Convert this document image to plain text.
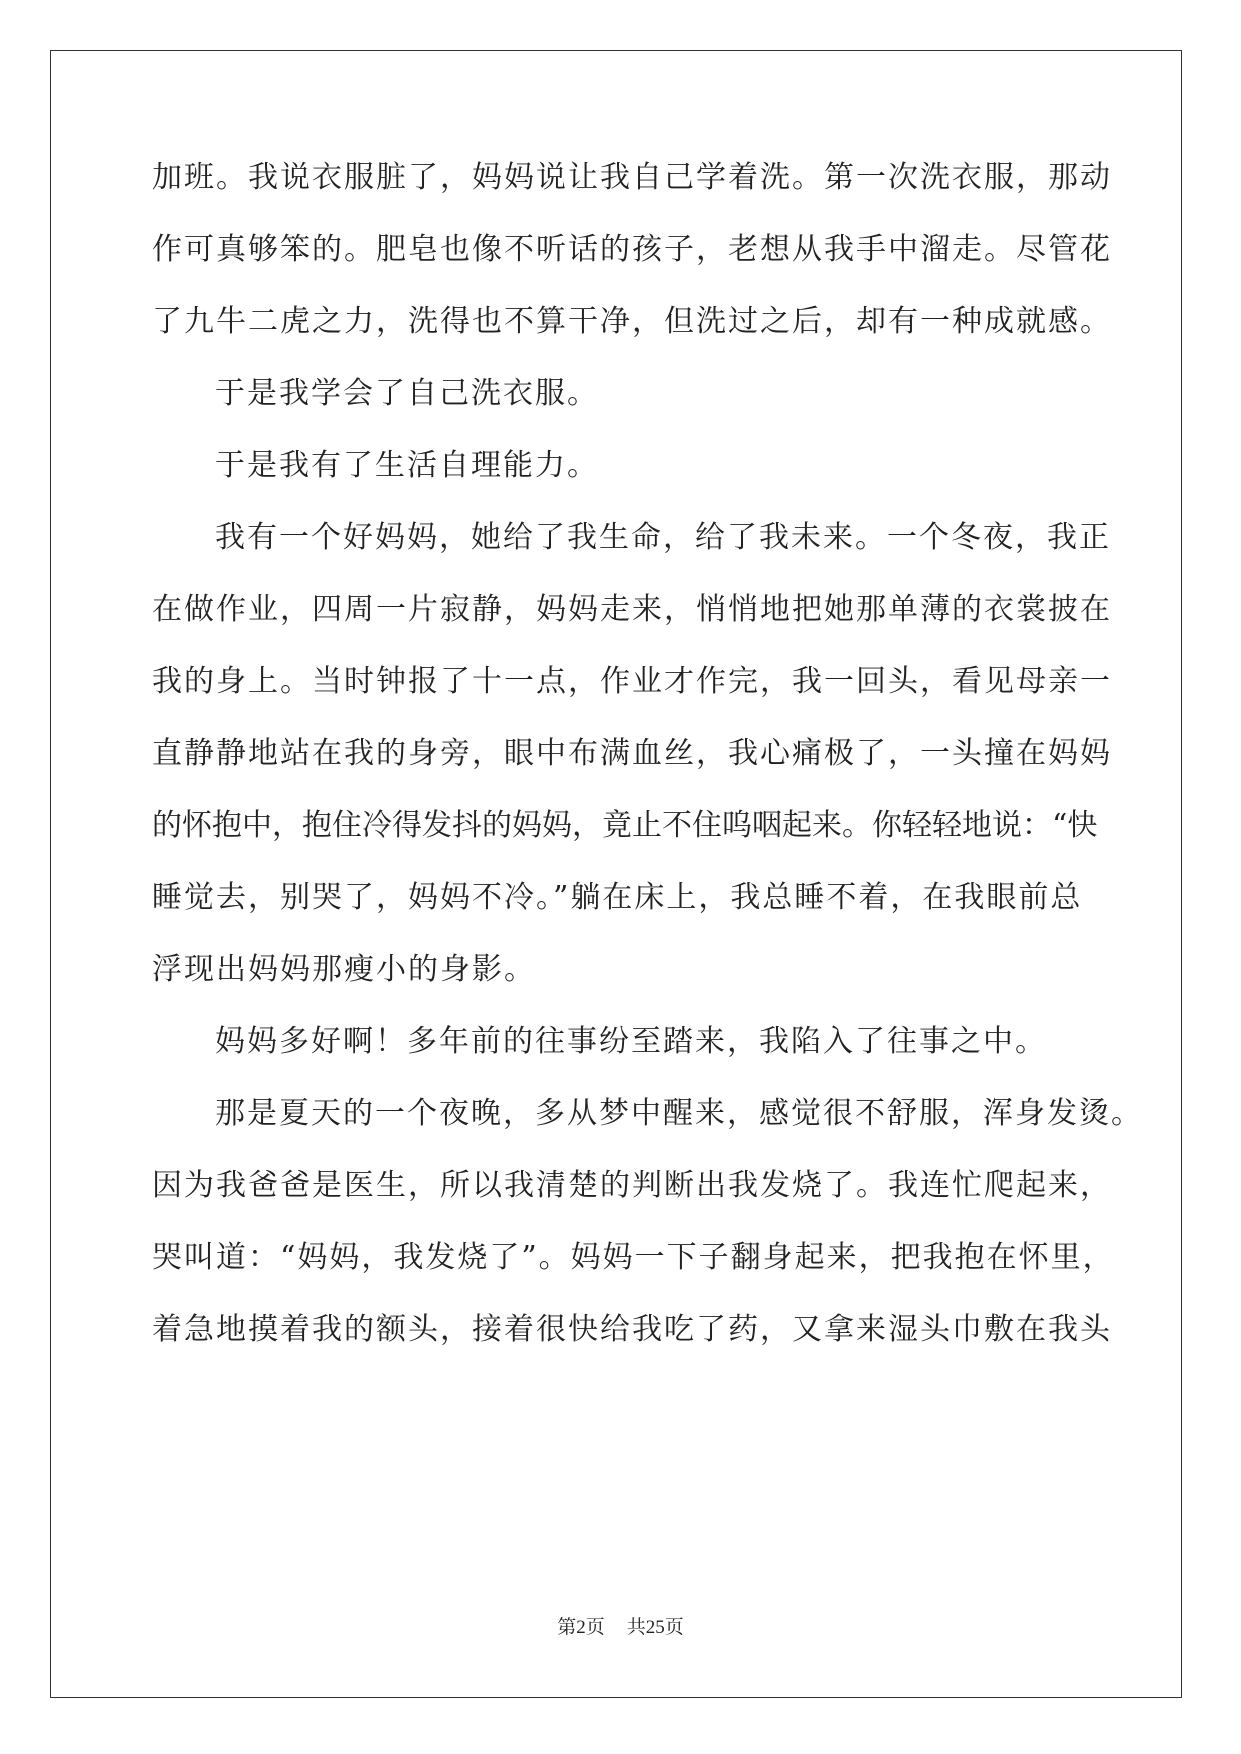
加班。我说衣服脏了，妈妈说让我自己学着洗。第一次洗衣服，那动
作可真够笨的。肥皂也像不听话的孩子，老想从我手中溜走。尽管花
了九牛二虎之力，洗得也不算干净，但洗过之后，却有一种成就感。
于是我学会了自己洗衣服。
于是我有了生活自理能力。
我有一个好妈妈，她给了我生命，给了我未来。一个冬夜，我正
在做作业，四周一片寂静，妈妈走来，悄悄地把她那单薄的衣裳披在
我的身上。当时钟报了十一点，作业才作完，我一回头，看见母亲一
直静静地站在我的身旁，眼中布满血丝，我心痛极了，一头撞在妈妈
的怀抱中，抱住冷得发抖的妈妈，竟止不住呜咽起来。你轻轻地说：“快
睡觉去，别哭了，妈妈不冷。”躺在床上，我总睡不着，在我眼前总
浮现出妈妈那瘦小的身影。
妈妈多好啊！多年前的往事纷至踏来，我陷入了往事之中。
那是夏天的一个夜晚，多从梦中醒来，感觉很不舒服，浑身发烫。
因为我爸爸是医生，所以我清楚的判断出我发烧了。我连忙爬起来，
哭叫道：“妈妈，我发烧了”。妈妈一下子翻身起来，把我抱在怀里，
着急地摸着我的额头，接着很快给我吃了药，又拿来湿头巾敷在我头
第2页 共25页
